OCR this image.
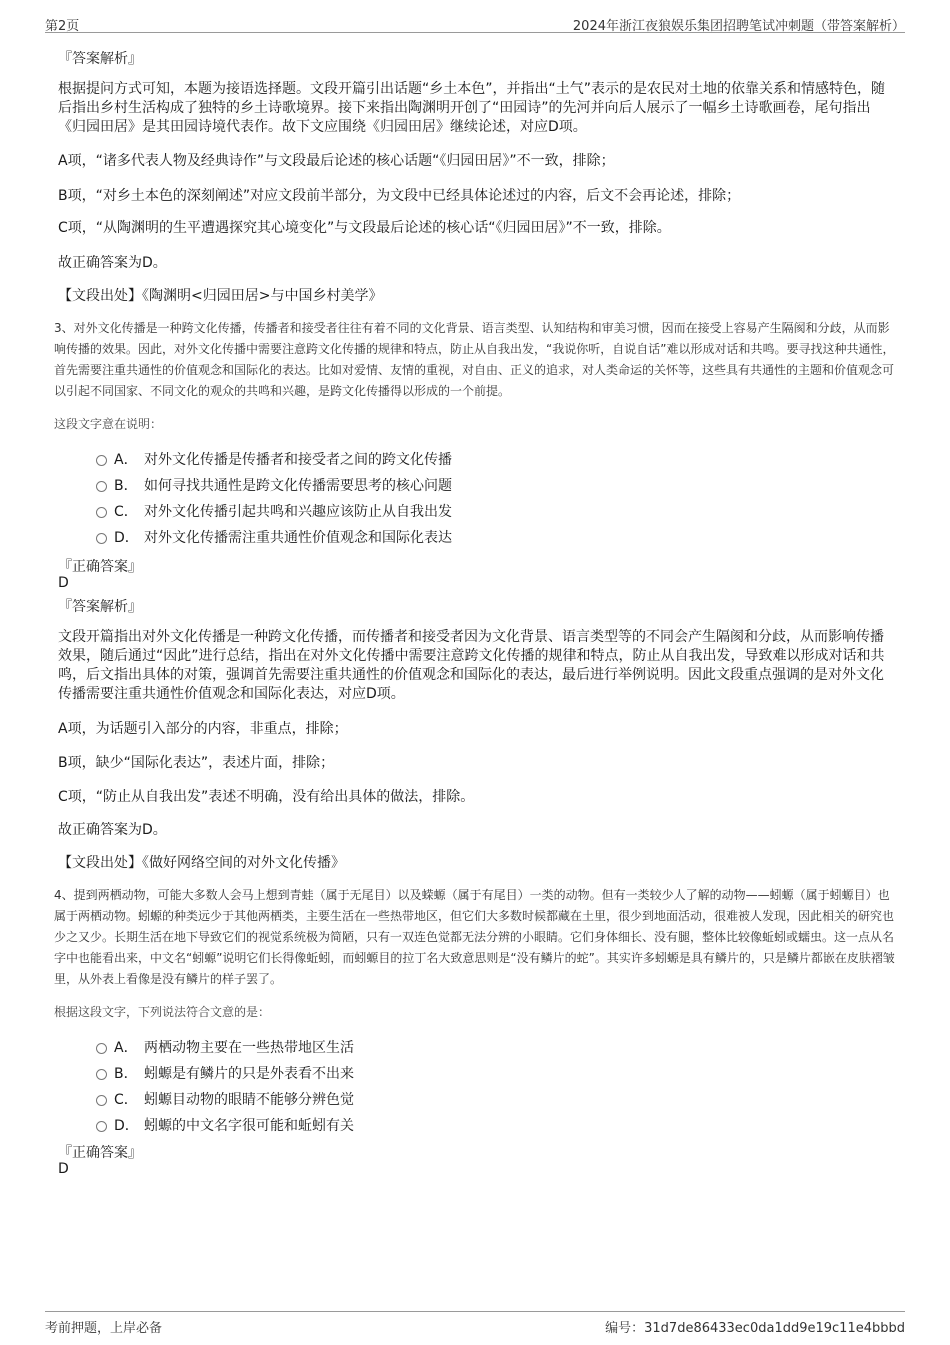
第2页	2024年浙江夜狼娱乐集团招聘笔试冲刺题（带答案解析）
『答案解析』
根据提问方式可知，本题为接语选择题。文段开篇引出话题“乡土本色”，并指出“土气”表示的是农民对土地的依靠关系和情感特色，随后指出乡村生活构成了独特的乡土诗歌境界。接下来指出陶渊明开创了“田园诗”的先河并向后人展示了一幅乡土诗歌画卷，尾句指出《归园田居》是其田园诗境代表作。故下文应围绕《归园田居》继续论述，对应D项。
A项，“诸多代表人物及经典诗作”与文段最后论述的核心话题“《归园田居》”不一致，排除；
B项，“对乡土本色的深刻阐述”对应文段前半部分，为文段中已经具体论述过的内容，后文不会再论述，排除；
C项，“从陶渊明的生平遭遇探究其心境变化”与文段最后论述的核心话“《归园田居》”不一致，排除。
故正确答案为D。
【文段出处】《陶渊明<归园田居>与中国乡村美学》
3、对外文化传播是一种跨文化传播，传播者和接受者往往有着不同的文化背景、语言类型、认知结构和审美习惯，因而在接受上容易产生隔阂和分歧，从而影响传播的效果。因此，对外文化传播中需要注意跨文化传播的规律和特点，防止从自我出发，“我说你听，自说自话”难以形成对话和共鸣。要寻找这种共通性，首先需要注重共通性的价值观念和国际化的表达。比如对爱情、友情的重视，对自由、正义的追求，对人类命运的关怀等，这些具有共通性的主题和价值观念可以引起不同国家、不同文化的观众的共鸣和兴趣，是跨文化传播得以形成的一个前提。
这段文字意在说明：
A． 对外文化传播是传播者和接受者之间的跨文化传播
B． 如何寻找共通性是跨文化传播需要思考的核心问题
C． 对外文化传播引起共鸣和兴趣应该防止从自我出发
D． 对外文化传播需注重共通性价值观念和国际化表达
『正确答案』
D
『答案解析』
文段开篇指出对外文化传播是一种跨文化传播，而传播者和接受者因为文化背景、语言类型等的不同会产生隔阂和分歧，从而影响传播效果，随后通过“因此”进行总结，指出在对外文化传播中需要注意跨文化传播的规律和特点，防止从自我出发，导致难以形成对话和共鸣，后文指出具体的对策，强调首先需要注重共通性的价值观念和国际化的表达，最后进行举例说明。因此文段重点强调的是对外文化传播需要注重共通性价值观念和国际化表达，对应D项。
A项，为话题引入部分的内容，非重点，排除；
B项，缺少“国际化表达”，表述片面，排除；
C项，“防止从自我出发”表述不明确，没有给出具体的做法，排除。
故正确答案为D。
【文段出处】《做好网络空间的对外文化传播》
4、提到两栖动物，可能大多数人会马上想到青蛙（属于无尾目）以及蝾螈（属于有尾目）一类的动物。但有一类较少人了解的动物——蚓螈（属于蚓螈目）也属于两栖动物。蚓螈的种类远少于其他两栖类，主要生活在一些热带地区，但它们大多数时候都藏在土里，很少到地面活动，很难被人发现，因此相关的研究也少之又少。长期生活在地下导致它们的视觉系统极为简陋，只有一双连色觉都无法分辨的小眼睛。它们身体细长、没有腿，整体比较像蚯蚓或蠕虫。这一点从名字中也能看出来，中文名“蚓螈”说明它们长得像蚯蚓，而蚓螈目的拉丁名大致意思则是“没有鳞片的蛇”。其实许多蚓螈是具有鳞片的，只是鳞片都嵌在皮肤褶皱里，从外表上看像是没有鳞片的样子罢了。
根据这段文字，下列说法符合文意的是：
A． 两栖动物主要在一些热带地区生活
B． 蚓螈是有鳞片的只是外表看不出来
C． 蚓螈目动物的眼睛不能够分辨色觉
D． 蚓螈的中文名字很可能和蚯蚓有关
『正确答案』
D
考前押题，上岸必备	编号：31d7de86433ec0da1dd9e19c11e4bbbd
